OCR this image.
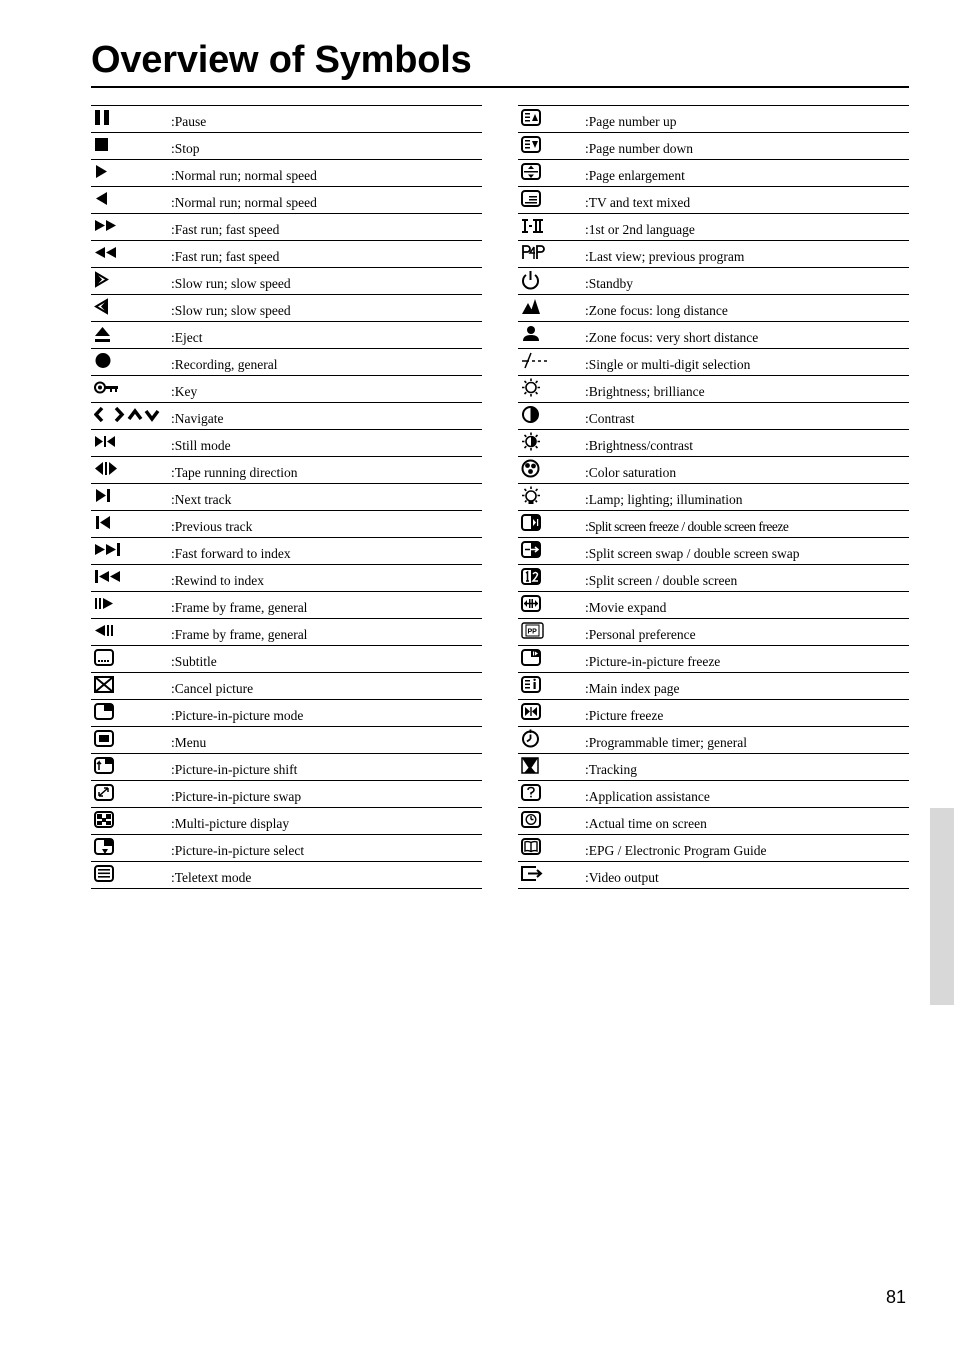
Overview of Symbols
:Pause
:Stop
:Normal run; normal speed
:Normal run; normal speed
:Fast run; fast speed
:Fast run; fast speed
:Slow run; slow speed
:Slow run; slow speed
:Eject
:Recording, general
:Key
:Navigate
:Still mode
:Tape running direction
:Next track
:Previous track
:Fast forward to index
:Rewind to index
:Frame by frame, general
:Frame by frame, general
:Subtitle
:Cancel picture
:Picture-in-picture mode
:Menu
:Picture-in-picture shift
:Picture-in-picture swap
:Multi-picture display
:Picture-in-picture select
:Teletext mode
:Page number up
:Page number down
:Page enlargement
:TV and text mixed
:1st or 2nd language
:Last view; previous program
:Standby
:Zone focus: long distance
:Zone focus: very short distance
:Single or multi-digit selection
:Brightness; brilliance
:Contrast
:Brightness/contrast
:Color saturation
:Lamp; lighting; illumination
:Split screen freeze / double screen freeze
:Split screen swap / double screen swap
:Split screen / double screen
:Movie expand
PP	:Personal preference
:Picture-in-picture freeze
:Main index page
:Picture freeze
:Programmable timer; general
:Tracking
:Application assistance
:Actual time on screen
:EPG / Electronic Program Guide
:Video output
81
